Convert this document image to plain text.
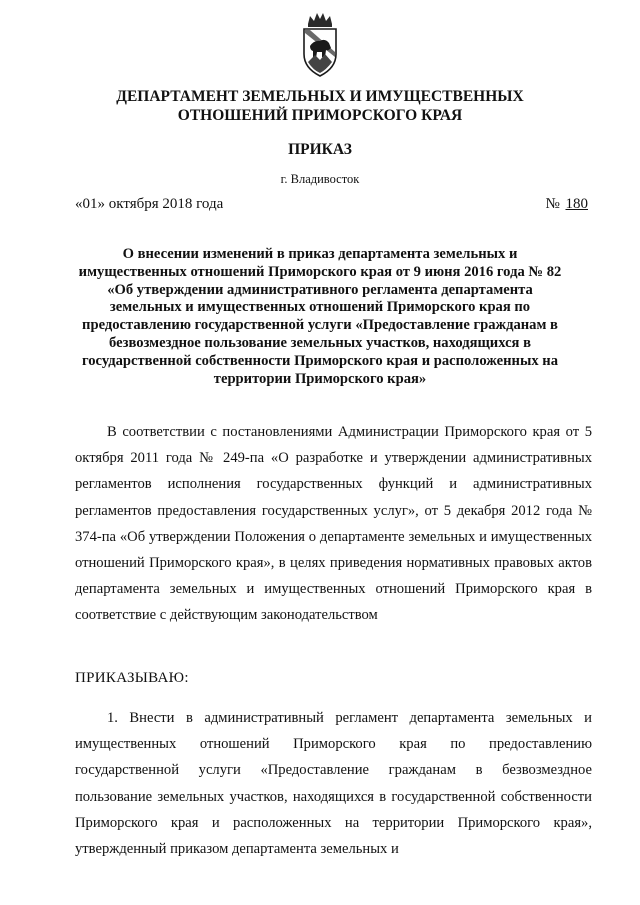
ДЕПАРТАМЕНТ ЗЕМЕЛЬНЫХ И ИМУЩЕСТВЕННЫХ ОТНОШЕНИЙ ПРИМОРСКОГО КРАЯ
ПРИКАЗ
г. Владивосток
«01» октября 2018 года	№ 180

О внесении изменений в приказ департамента земельных и имущественных отношений Приморского края от 9 июня 2016 года № 82 «Об утверждении административного регламента департамента земельных и имущественных отношений Приморского края по предоставлению государственной услуги «Предоставление гражданам в безвозмездное пользование земельных участков, находящихся в государственной собственности Приморского края и расположенных на территории Приморского края»

В соответствии с постановлениями Администрации Приморского края от 5 октября 2011 года № 249-па «О разработке и утверждении административных регламентов исполнения государственных функций и административных регламентов предоставления государственных услуг», от 5 декабря 2012 года № 374-па «Об утверждении Положения о департаменте земельных и имущественных отношений Приморского края», в целях приведения нормативных правовых актов департамента земельных и имущественных отношений Приморского края в соответствие с действующим законодательством

ПРИКАЗЫВАЮ:

1. Внести в административный регламент департамента земельных и имущественных отношений Приморского края по предоставлению государственной услуги «Предоставление гражданам в безвозмездное пользование земельных участков, находящихся в государственной собственности Приморского края и расположенных на территории Приморского края», утвержденный приказом департамента земельных и
